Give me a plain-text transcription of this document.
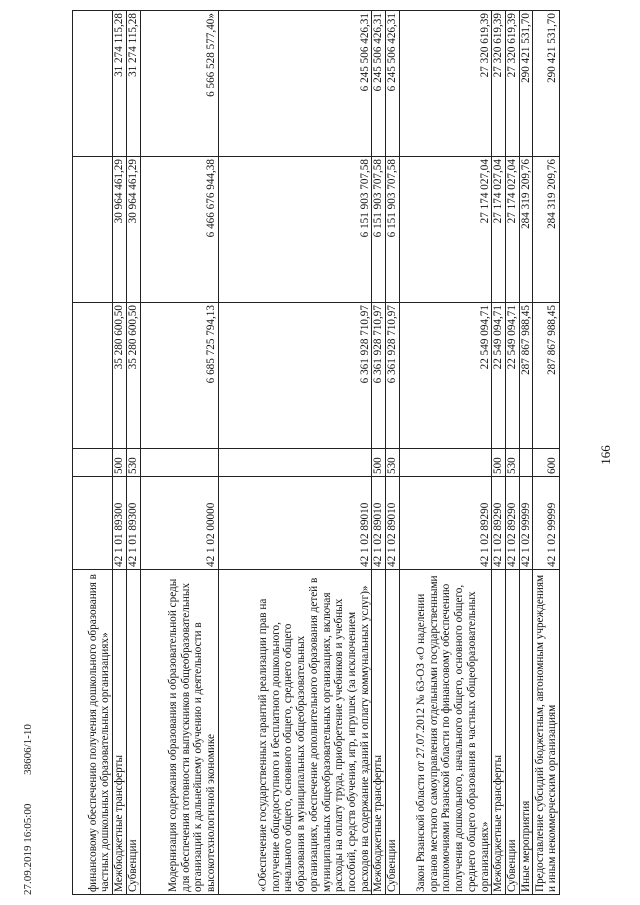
166
27.09.2019 16:05:00 38606/1-10	финансовому обеспечению получения дошкольного образования в частных дошкольных образовательных организациях»					
Межбюджетные трансферты	42 1 01 89300	500	35 280 600,50	30 964 461,29	31 274 115,28
Субвенции	42 1 01 89300	530	35 280 600,50	30 964 461,29	31 274 115,28
Модернизация содержания образования и образовательной среды для обеспечения готовности выпускников общеобразовательных организаций к дальнейшему обучению и деятельности в высокотехнологичной экономике	42 1 02 00000		6 685 725 794,13	6 466 676 944,38	6 566 528 577,40»
«Обеспечение государственных гарантий реализации прав на получение общедоступного и бесплатного дошкольного, начального общего, основного общего, среднего общего образования в муниципальных общеобразовательных организациях, обеспечение дополнительного образования детей в муниципальных общеобразовательных организациях, включая расходы на оплату труда, приобретение учебников и учебных пособий, средств обучения, игр, игрушек (за исключением расходов на содержание зданий и оплату коммунальных услуг)»	42 1 02 89010		6 361 928 710,97	6 151 903 707,58	6 245 506 426,31
Межбюджетные трансферты	42 1 02 89010	500	6 361 928 710,97	6 151 903 707,58	6 245 506 426,31
Субвенции	42 1 02 89010	530	6 361 928 710,97	6 151 903 707,58	6 245 506 426,31
Закон Рязанской области от 27.07.2012 № 63-ОЗ «О наделении органов местного самоуправления отдельными государственными полномочиями Рязанской области по финансовому обеспечению получения дошкольного, начального общего, основного общего, среднего общего образования в частных общеобразовательных организациях»	42 1 02 89290		22 549 094,71	27 174 027,04	27 320 619,39
Межбюджетные трансферты	42 1 02 89290	500	22 549 094,71	27 174 027,04	27 320 619,39
Субвенции	42 1 02 89290	530	22 549 094,71	27 174 027,04	27 320 619,39
Иные мероприятия	42 1 02 99999		287 867 988,45	284 319 209,76	290 421 531,70
Предоставление субсидий бюджетным, автономным учреждениям и иным некоммерческим организациям	42 1 02 99999	600	287 867 988,45	284 319 209,76	290 421 531,70
